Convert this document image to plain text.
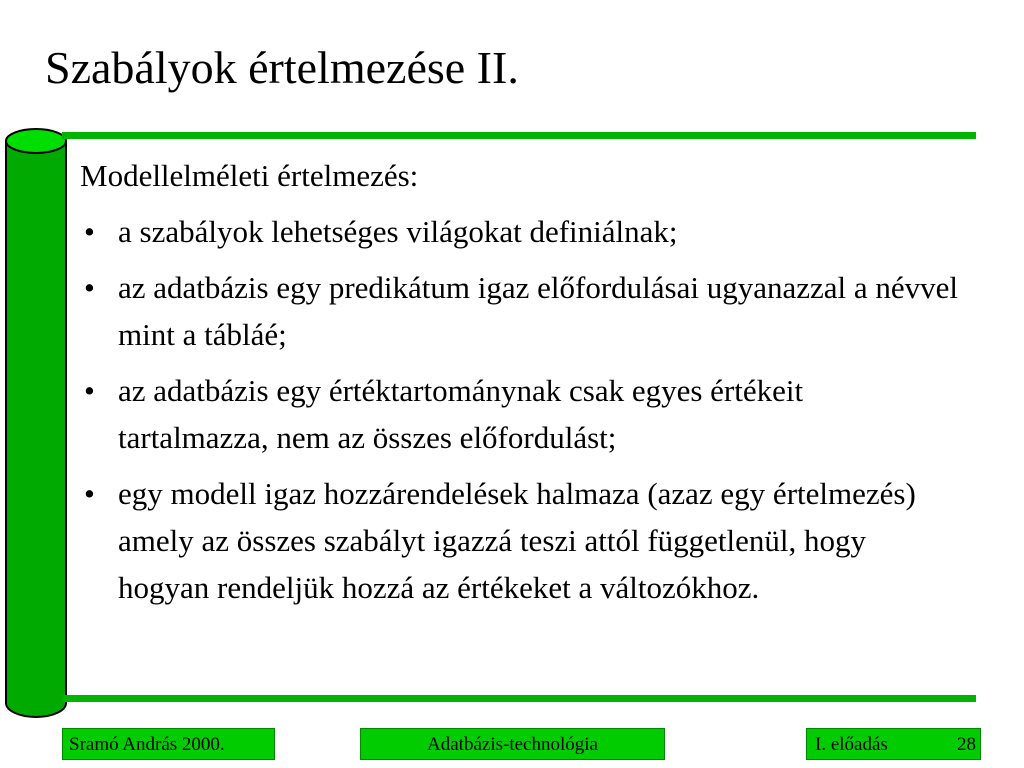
Szabályok értelmezése II.

Modellelméleti értelmezés:

• a szabályok lehetséges világokat definiálnak;
• az adatbázis egy predikátum igaz előfordulásai ugyanazzal a névvel mint a tábláé;
• az adatbázis egy értéktartománynak csak egyes értékeit tartalmazza, nem az összes előfordulást;
• egy modell igaz hozzárendelések halmaza (azaz egy értelmezés) amely az összes szabályt igazzá teszi attól függetlenül, hogy hogyan rendeljük hozzá az értékeket a változókhoz.
Sramó András 2000.	Adatbázis-technológia	I. előadás	28
